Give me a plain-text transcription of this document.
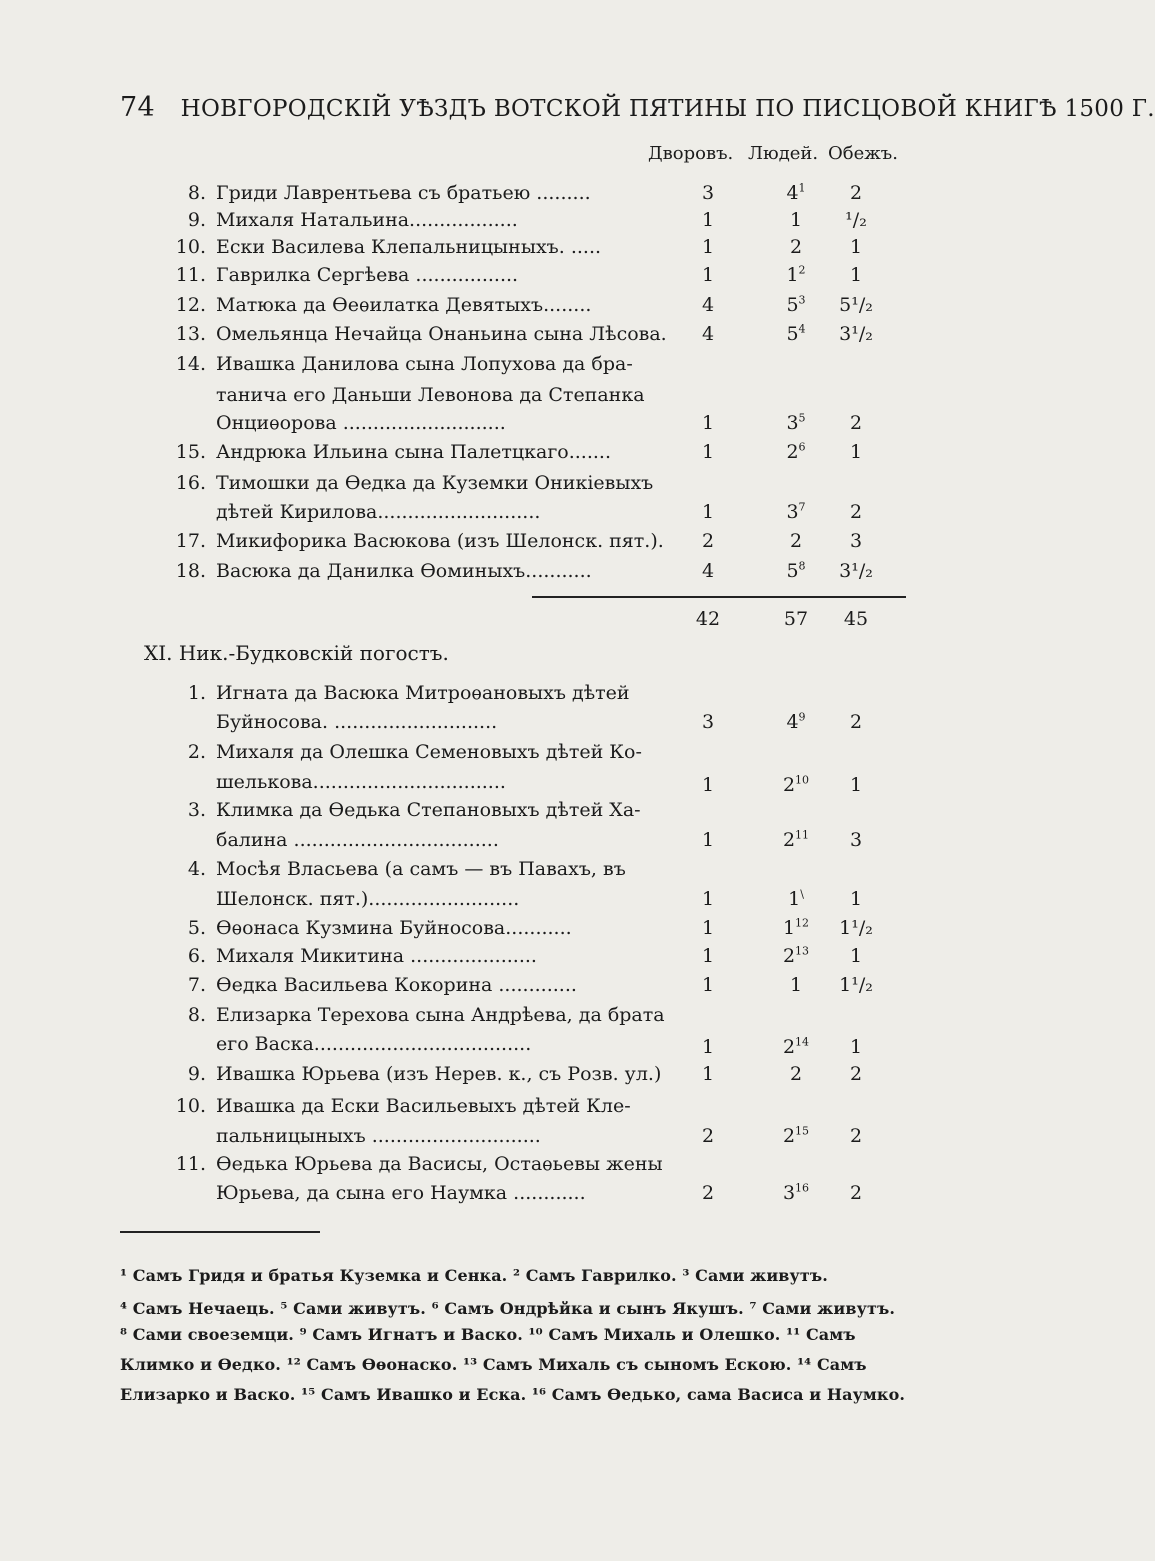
74 НОВГОРОДСКІЙ УѢЗДЪ ВОТСКОЙ ПЯТИНЫ ПО ПИСЦОВОЙ КНИГѢ 1500 Г.
Дворовъ. Людей. Обежъ.
8. Гриди Лаврентьева съ братьею .........	3	$4^1$	2
9. Михаля Натальина..................	1	1	¹/₂
10. Ески Василева Клепальницыныхъ. .....	1	2	1
11. Гаврилка Сергѣева .................	1	$1^2$	1
12. Матюка да Ѳеѳилатка Девятыхъ........	4	$5^3$	5¹/₂
13. Омельянца Нечайца Онаньина сына Лѣсова.	4	$5^4$	3¹/₂
14. Ивашка Данилова сына Лопухова да бра-
танича его Даньши Левонова да Степанка
Онциѳорова ...........................	1	$3^5$	2
15. Андрюка Ильина сына Палетцкаго.......	1	$2^6$	1
16. Тимошки да Ѳедка да Куземки Оникіевыхъ
дѣтей Кирилова...........................	1	$3^7$	2
17. Микифорика Васюкова (изъ Шелонск. пят.).	2	2	3
18. Васюка да Данилка Ѳоминыхъ...........	4	$5^8$	3¹/₂
42	57	45
XI. Ник.-Будковскій погостъ.
1. Игната да Васюка Митроѳановыхъ дѣтей
Буйносова. ...........................	3	$4^9$	2
2. Михаля да Олешка Семеновыхъ дѣтей Ко-
шелькова................................	1	$2^{10}$	1
3. Климка да Ѳедька Степановыхъ дѣтей Ха-
балина ..................................	1	$2^{11}$	3
4. Мосѣя Власьева (а самъ — въ Павахъ, въ
Шелонск. пят.).........................	1	1\	1
5. Ѳѳонаса Кузмина Буйносова...........	1	$1^{12}$	1¹/₂
6. Михаля Микитина .....................	1	$2^{13}$	1
7. Ѳедка Васильева Кокорина .............	1	1	1¹/₂
8. Елизарка Терехова сына Андрѣева, да брата
его Васка....................................	1	$2^{14}$	1
9. Ивашка Юрьева (изъ Нерев. к., съ Розв. ул.)	1	2	2
10. Ивашка да Ески Васильевыхъ дѣтей Кле-
пальницыныхъ ............................	2	$2^{15}$	2
11. Ѳедька Юрьева да Васисы, Остаѳьевы жены
Юрьева, да сына его Наумка ............	2	$3^{16}$	2
¹ Самъ Гридя и братья Куземка и Сенка. ² Самъ Гаврилко. ³ Сами живутъ.
⁴ Самъ Нечаець. ⁵ Сами живутъ. ⁶ Самъ Ондрѣйка и сынъ Якушъ. ⁷ Сами живутъ.
⁸ Сами своеземци. ⁹ Самъ Игнатъ и Васко. ¹⁰ Самъ Михаль и Олешко. ¹¹ Самъ
Климко и Ѳедко. ¹² Самъ Ѳѳонаско. ¹³ Самъ Михаль съ сыномъ Ескою. ¹⁴ Самъ
Елизарко и Васко. ¹⁵ Самъ Ивашко и Еска. ¹⁶ Самъ Ѳедько, сама Васиса и Наумко.
